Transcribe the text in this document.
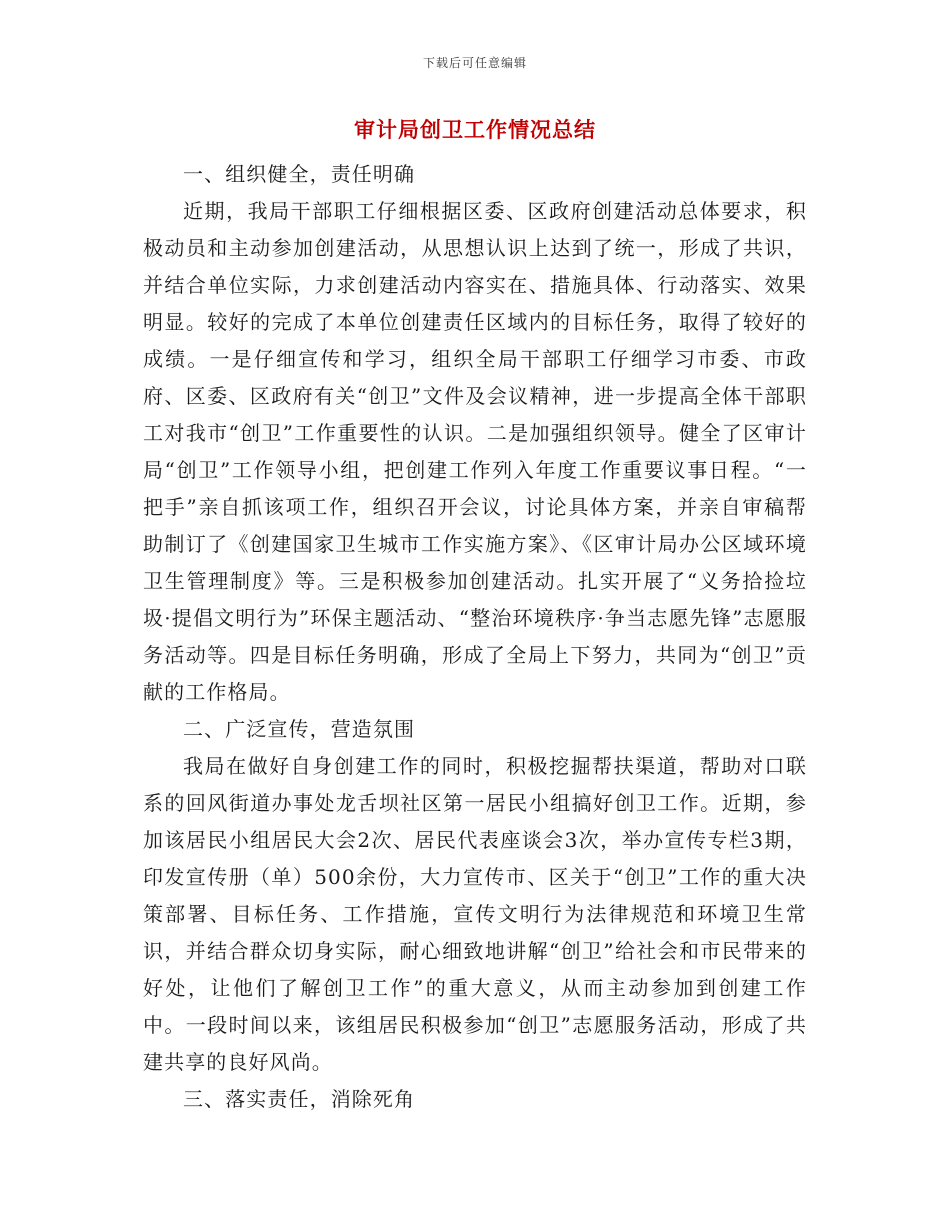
下载后可任意编辑
审计局创卫工作情况总结

一、组织健全，责任明确

近期，我局干部职工仔细根据区委、区政府创建活动总体要求，积极动员和主动参加创建活动，从思想认识上达到了统一，形成了共识，并结合单位实际，力求创建活动内容实在、措施具体、行动落实、效果明显。较好的完成了本单位创建责任区域内的目标任务，取得了较好的成绩。一是仔细宣传和学习，组织全局干部职工仔细学习市委、市政府、区委、区政府有关“创卫”文件及会议精神，进一步提高全体干部职工对我市“创卫”工作重要性的认识。二是加强组织领导。健全了区审计局“创卫”工作领导小组，把创建工作列入年度工作重要议事日程。“一把手”亲自抓该项工作，组织召开会议，讨论具体方案，并亲自审稿帮助制订了《创建国家卫生城市工作实施方案》、《区审计局办公区域环境卫生管理制度》等。三是积极参加创建活动。扎实开展了“义务拾捡垃圾·提倡文明行为”环保主题活动、“整治环境秩序·争当志愿先锋”志愿服务活动等。四是目标任务明确，形成了全局上下努力，共同为“创卫”贡献的工作格局。

二、广泛宣传，营造氛围

我局在做好自身创建工作的同时，积极挖掘帮扶渠道，帮助对口联系的回风街道办事处龙舌坝社区第一居民小组搞好创卫工作。近期，参加该居民小组居民大会2次、居民代表座谈会3次，举办宣传专栏3期，印发宣传册（单）500余份，大力宣传市、区关于“创卫”工作的重大决策部署、目标任务、工作措施，宣传文明行为法律规范和环境卫生常识，并结合群众切身实际，耐心细致地讲解“创卫”给社会和市民带来的好处，让他们了解创卫工作”的重大意义，从而主动参加到创建工作中。一段时间以来，该组居民积极参加“创卫”志愿服务活动，形成了共建共享的良好风尚。

三、落实责任，消除死角
